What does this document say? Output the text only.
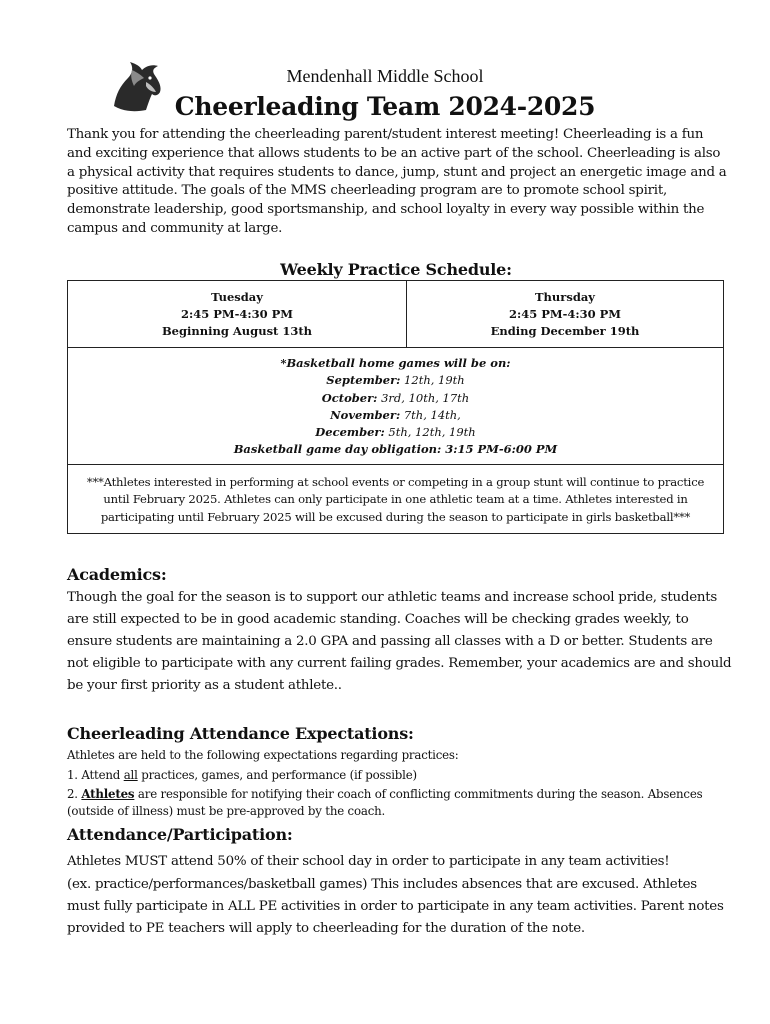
Mendenhall Middle School
Cheerleading Team 2024-2025
Thank you for attending the cheerleading parent/student interest meeting! Cheerleading is a fun and exciting experience that allows students to be an active part of the school. Cheerleading is also a physical activity that requires students to dance, jump, stunt and project an energetic image and a positive attitude. The goals of the MMS cheerleading program are to promote school spirit, demonstrate leadership, good sportsmanship, and school loyalty in every way possible within the campus and community at large.
Weekly Practice Schedule:
Tuesday
2:45 PM-4:30 PM
Beginning August 13th
Thursday
2:45 PM-4:30 PM
Ending December 19th
*Basketball home games will be on:
September: 12th, 19th
October: 3rd, 10th, 17th
November: 7th, 14th,
December: 5th, 12th, 19th
Basketball game day obligation: 3:15 PM-6:00 PM
***Athletes interested in performing at school events or competing in a group stunt will continue to practice until February 2025. Athletes can only participate in one athletic team at a time. Athletes interested in participating until February 2025 will be excused during the season to participate in girls basketball***
Academics:
Though the goal for the season is to support our athletic teams and increase school pride, students are still expected to be in good academic standing. Coaches will be checking grades weekly, to ensure students are maintaining a 2.0 GPA and passing all classes with a D or better. Students are not eligible to participate with any current failing grades. Remember, your academics are and should be your first priority as a student athlete..
Cheerleading Attendance Expectations:
Athletes are held to the following expectations regarding practices:
1. Attend all practices, games, and performance (if possible)
2. Athletes are responsible for notifying their coach of conflicting commitments during the season. Absences (outside of illness) must be pre-approved by the coach.
Attendance/Participation:
Athletes MUST attend 50% of their school day in order to participate in any team activities!
(ex. practice/performances/basketball games) This includes absences that are excused. Athletes must fully participate in ALL PE activities in order to participate in any team activities. Parent notes provided to PE teachers will apply to cheerleading for the duration of the note.
